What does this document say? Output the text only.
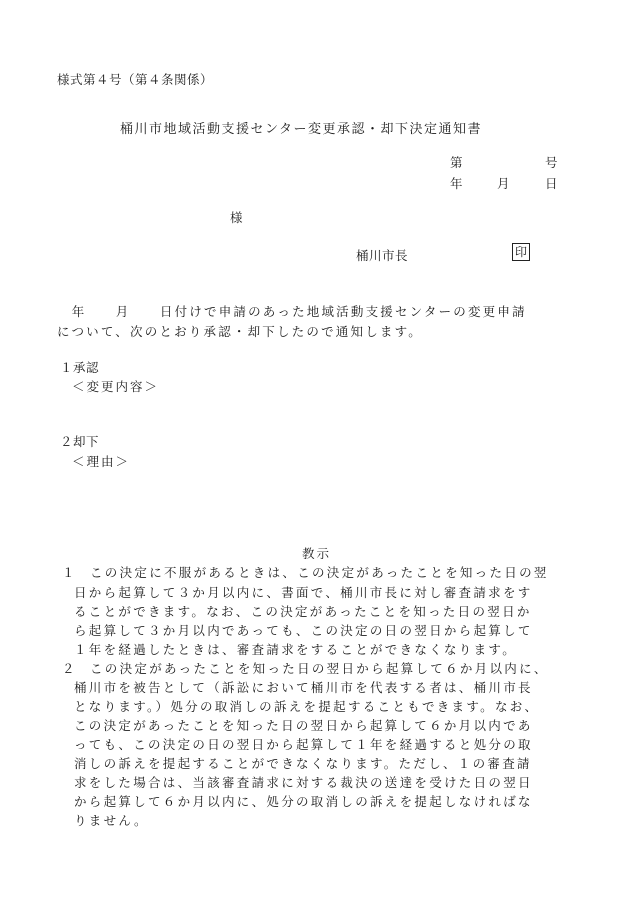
様式第４号（第４条関係）
桶川市地域活動支援センター変更承認・却下決定通知書
第	号
年	月	日
様
桶川市長	印
　年　　月　　日付けで申請のあった地域活動支援センターの変更申請
について、次のとおり承認・却下したので通知します。
１承認
＜変更内容＞
２却下
＜理由＞
教示
１ この決定に不服があるときは、この決定があったことを知った日の翌
日から起算して３か月以内に、書面で、桶川市長に対し審査請求をす
ることができます。なお、この決定があったことを知った日の翌日か
ら起算して３か月以内であっても、この決定の日の翌日から起算して
１年を経過したときは、審査請求をすることができなくなります。
２ この決定があったことを知った日の翌日から起算して６か月以内に、
桶川市を被告として（訴訟において桶川市を代表する者は、桶川市長
となります。）処分の取消しの訴えを提起することもできます。なお、
この決定があったことを知った日の翌日から起算して６か月以内であ
っても、この決定の日の翌日から起算して１年を経過すると処分の取
消しの訴えを提起することができなくなります。ただし、１の審査請
求をした場合は、当該審査請求に対する裁決の送達を受けた日の翌日
から起算して６か月以内に、処分の取消しの訴えを提起しなければな
りません。
